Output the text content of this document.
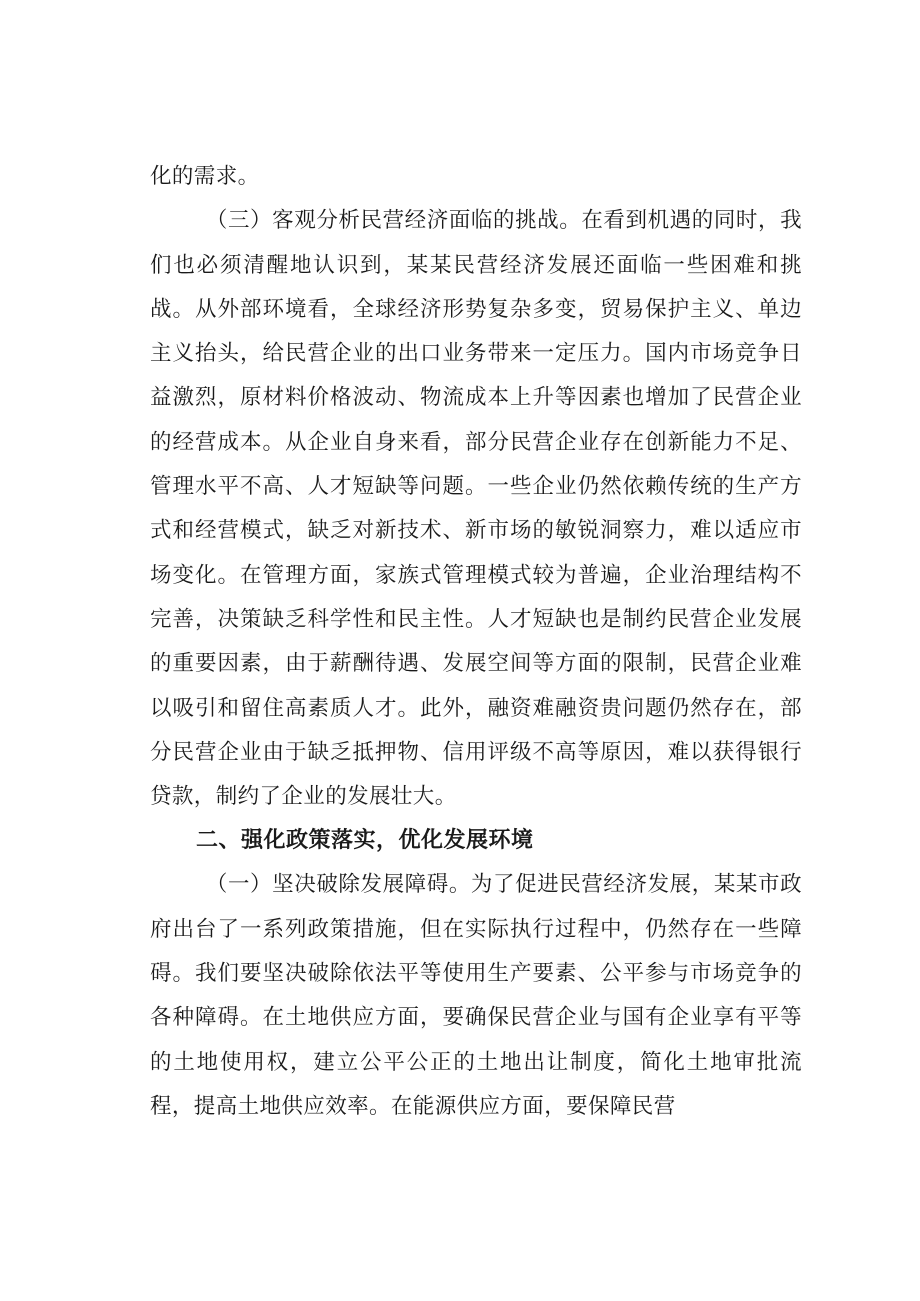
化的需求。

（三）客观分析民营经济面临的挑战。在看到机遇的同时，我们也必须清醒地认识到，某某民营经济发展还面临一些困难和挑战。从外部环境看，全球经济形势复杂多变，贸易保护主义、单边主义抬头，给民营企业的出口业务带来一定压力。国内市场竞争日益激烈，原材料价格波动、物流成本上升等因素也增加了民营企业的经营成本。从企业自身来看，部分民营企业存在创新能力不足、管理水平不高、人才短缺等问题。一些企业仍然依赖传统的生产方式和经营模式，缺乏对新技术、新市场的敏锐洞察力，难以适应市场变化。在管理方面，家族式管理模式较为普遍，企业治理结构不完善，决策缺乏科学性和民主性。人才短缺也是制约民营企业发展的重要因素，由于薪酬待遇、发展空间等方面的限制，民营企业难以吸引和留住高素质人才。此外，融资难融资贵问题仍然存在，部分民营企业由于缺乏抵押物、信用评级不高等原因，难以获得银行贷款，制约了企业的发展壮大。

二、强化政策落实，优化发展环境

（一）坚决破除发展障碍。为了促进民营经济发展，某某市政府出台了一系列政策措施，但在实际执行过程中，仍然存在一些障碍。我们要坚决破除依法平等使用生产要素、公平参与市场竞争的各种障碍。在土地供应方面，要确保民营企业与国有企业享有平等的土地使用权，建立公平公正的土地出让制度，简化土地审批流程，提高土地供应效率。在能源供应方面，要保障民营
